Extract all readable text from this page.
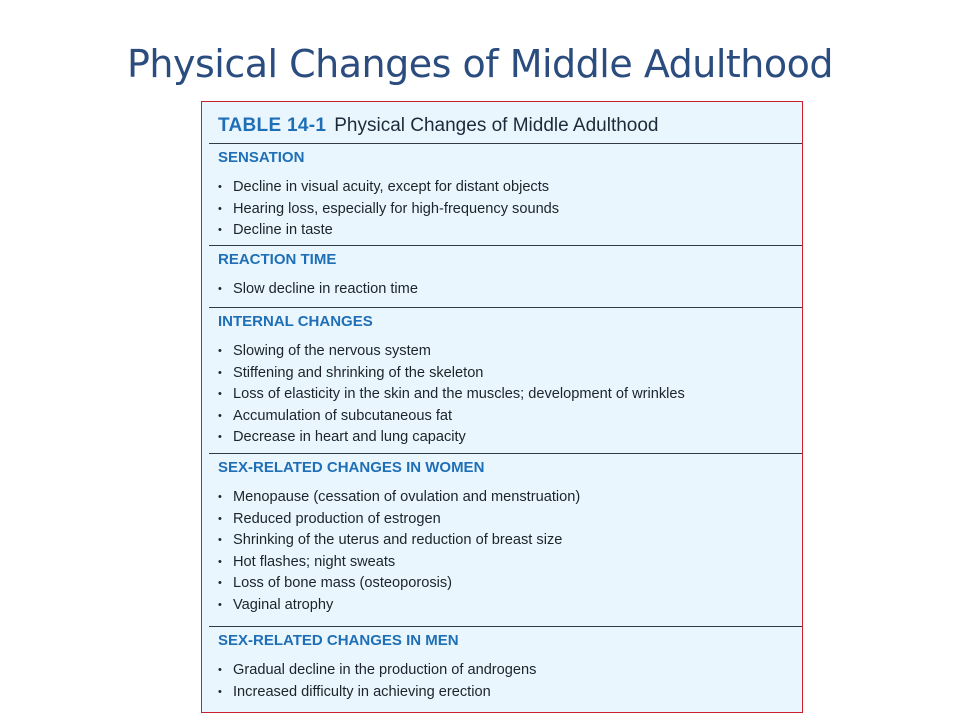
Physical Changes of Middle Adulthood
TABLE 14-1 Physical Changes of Middle Adulthood
SENSATION
• Decline in visual acuity, except for distant objects
• Hearing loss, especially for high-frequency sounds
• Decline in taste
REACTION TIME
• Slow decline in reaction time
INTERNAL CHANGES
• Slowing of the nervous system
• Stiffening and shrinking of the skeleton
• Loss of elasticity in the skin and the muscles; development of wrinkles
• Accumulation of subcutaneous fat
• Decrease in heart and lung capacity
SEX-RELATED CHANGES IN WOMEN
• Menopause (cessation of ovulation and menstruation)
• Reduced production of estrogen
• Shrinking of the uterus and reduction of breast size
• Hot flashes; night sweats
• Loss of bone mass (osteoporosis)
• Vaginal atrophy
SEX-RELATED CHANGES IN MEN
• Gradual decline in the production of androgens
• Increased difficulty in achieving erection
